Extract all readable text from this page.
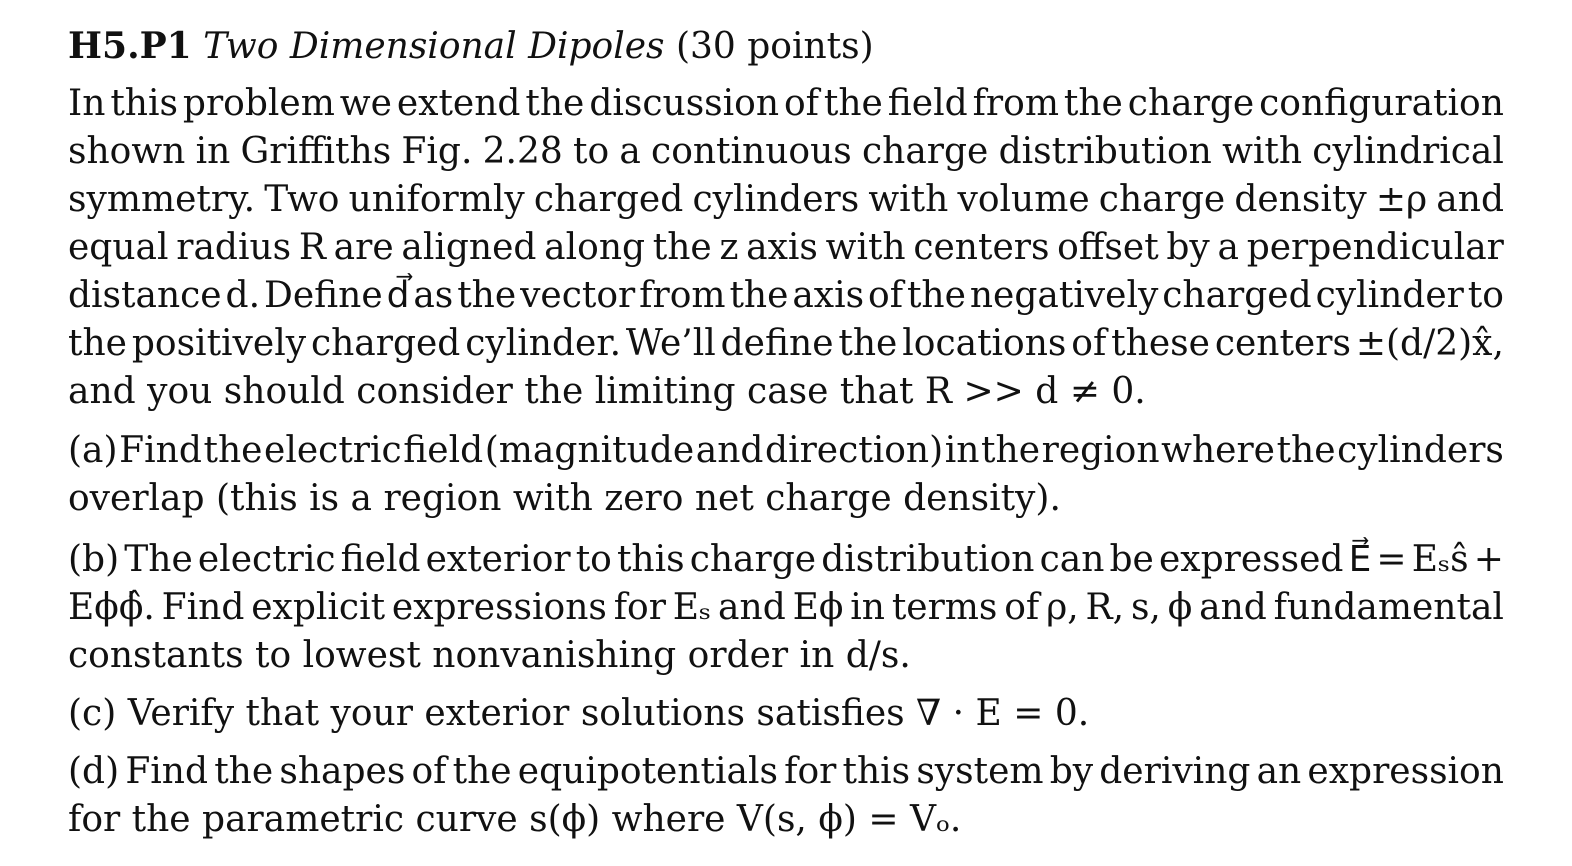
H5.P1 Two Dimensional Dipoles (30 points)
In this problem we extend the discussion of the field from the charge configuration
shown in Griffiths Fig. 2.28 to a continuous charge distribution with cylindrical
symmetry. Two uniformly charged cylinders with volume charge density ±ρ and
equal radius R are aligned along the z axis with centers offset by a perpendicular
distance d. Define d⃗ as the vector from the axis of the negatively charged cylinder to
the positively charged cylinder. We’ll define the locations of these centers ±(d/2)x̂,
and you should consider the limiting case that R >> d ≠ 0.
(a) Find the electric field (magnitude and direction) in the region where the cylinders
overlap (this is a region with zero net charge density).
(b) The electric field exterior to this charge distribution can be expressed E⃗ = Eₛŝ +
Eϕϕ̂. Find explicit expressions for Eₛ and Eϕ in terms of ρ, R, s, ϕ and fundamental
constants to lowest nonvanishing order in d/s.
(c) Verify that your exterior solutions satisfies ∇ · E = 0.
(d) Find the shapes of the equipotentials for this system by deriving an expression
for the parametric curve s(ϕ) where V(s, ϕ) = Vₒ.
